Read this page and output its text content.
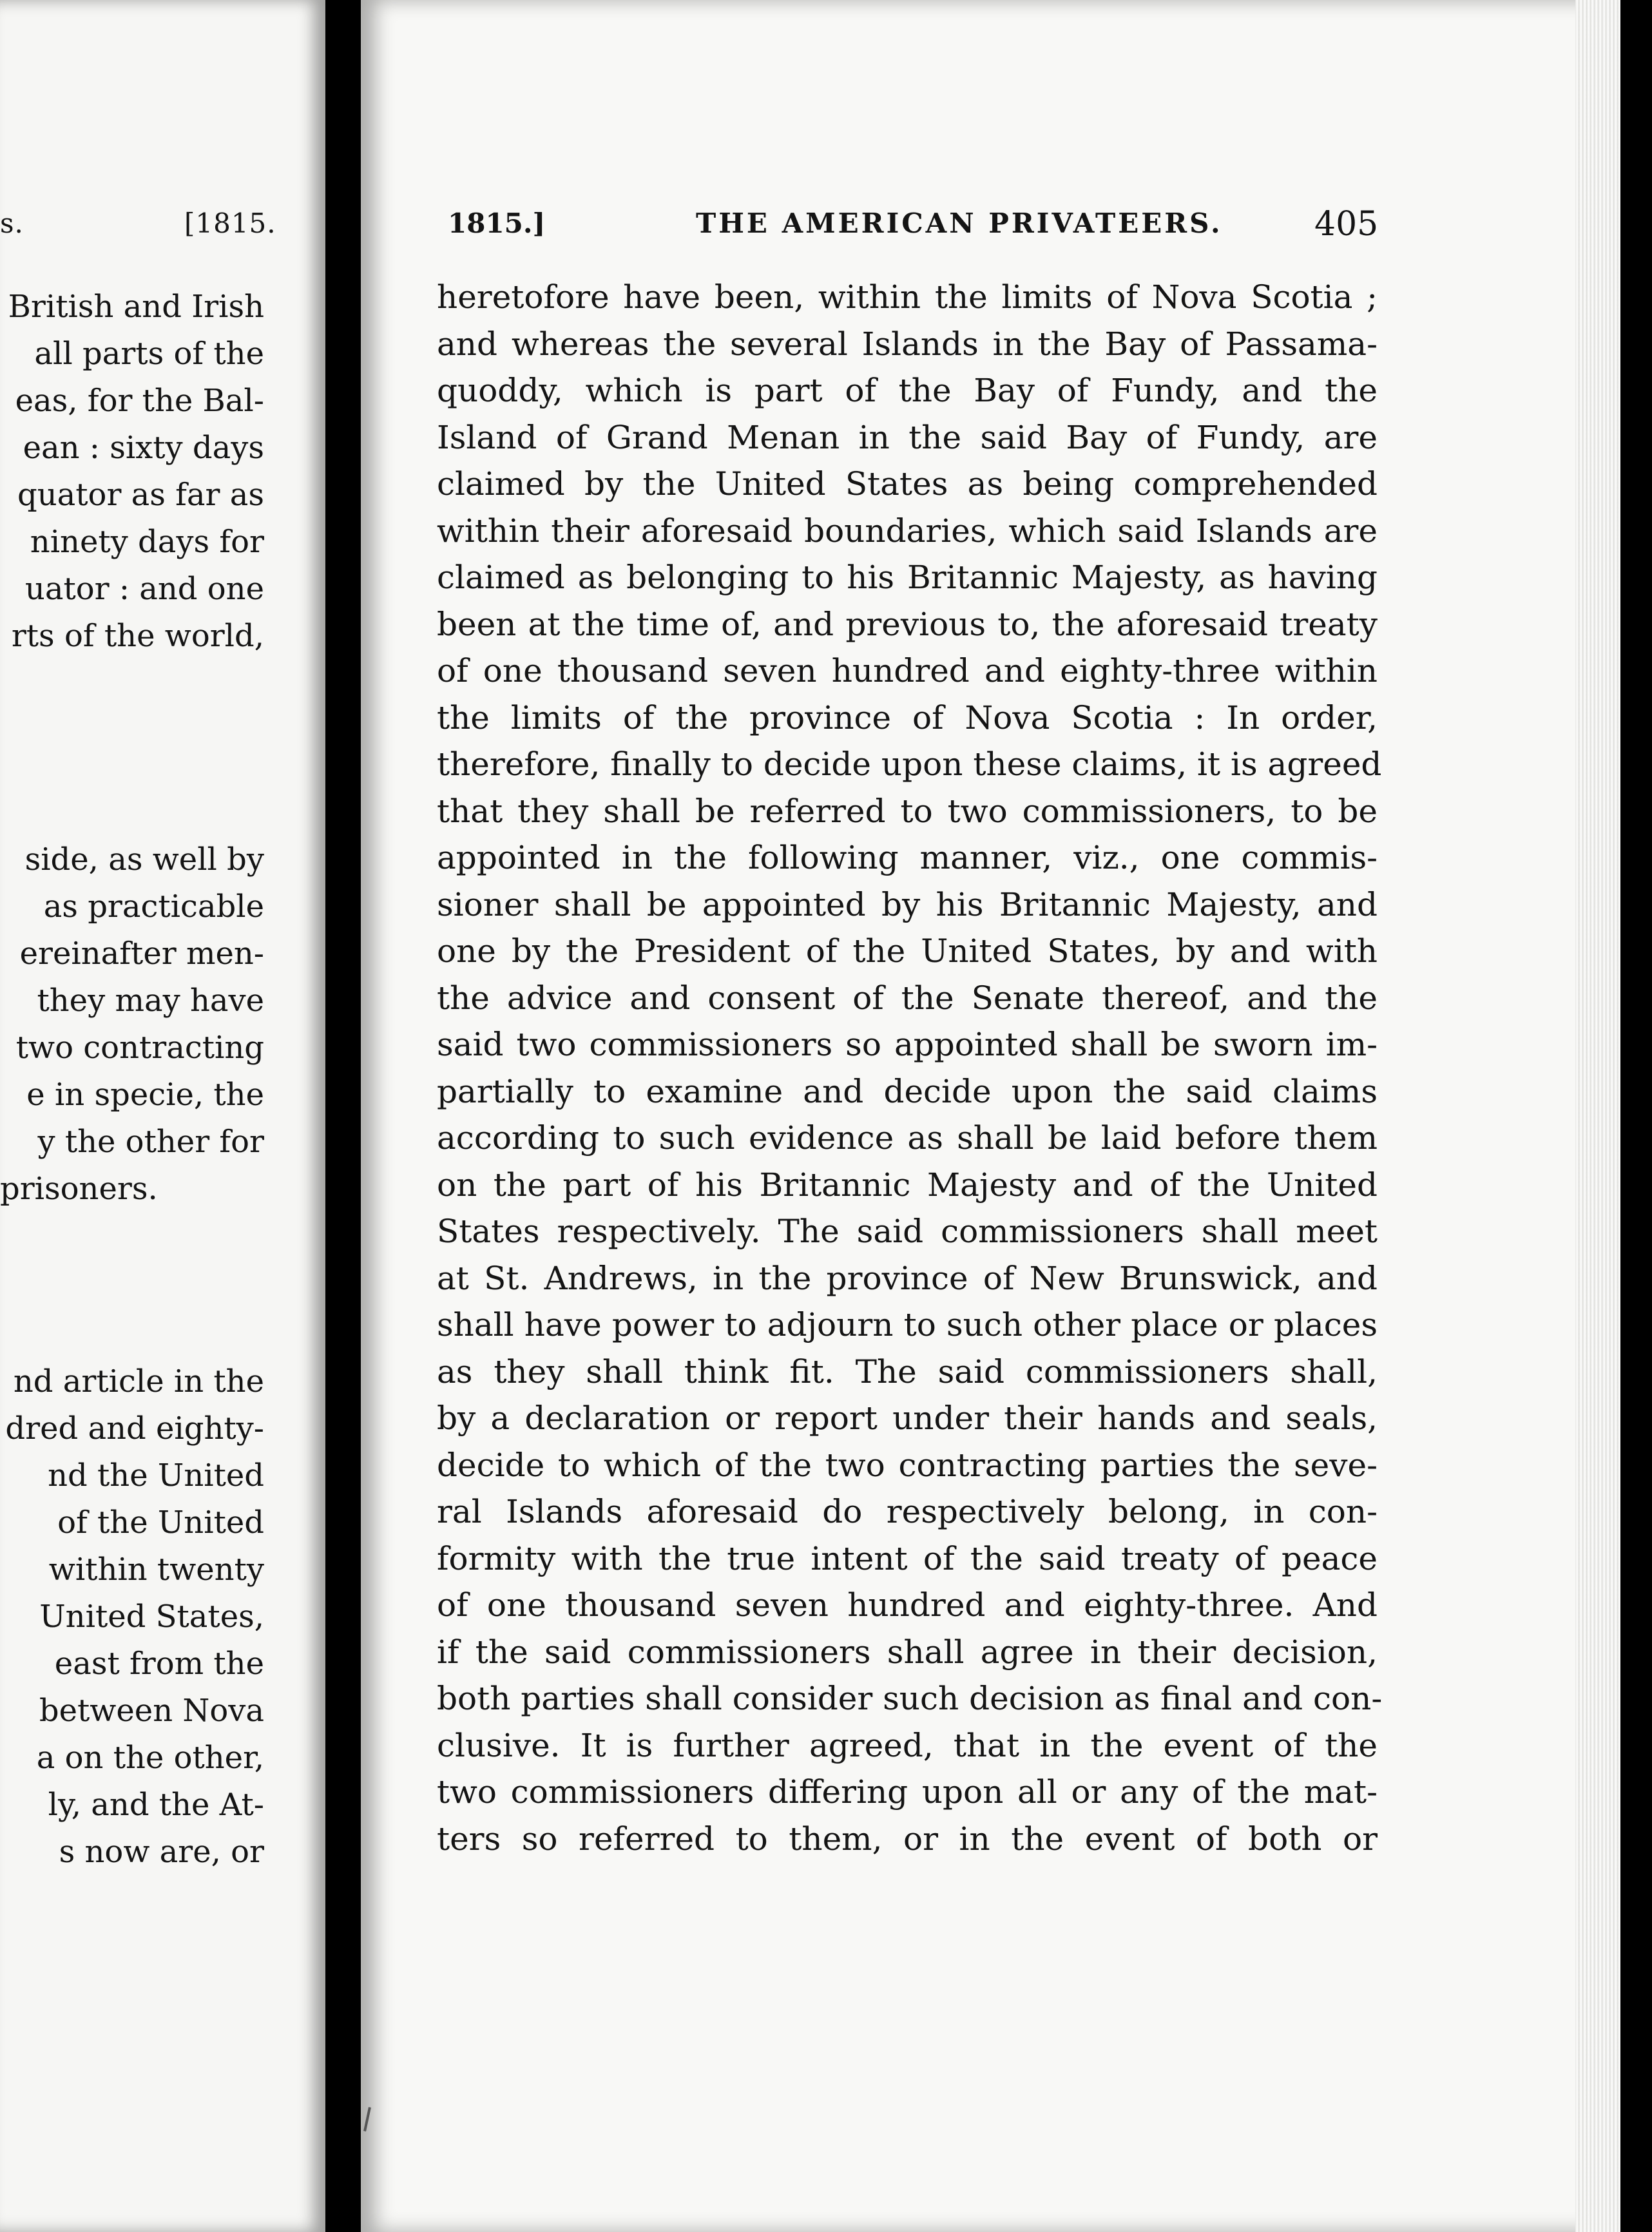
s.	[1815.
British and Irish
all parts of the
eas, for the Bal-
ean : sixty days
quator as far as
ninety days for
uator : and one
rts of the world,
side, as well by
as practicable
ereinafter men-
they may have
two contracting
e in specie, the
y the other for
prisoners.
nd article in the
dred and eighty-
nd the United
of the United
within twenty
United States,
east from the
between Nova
a on the other,
ly, and the At-
s now are, or
1815.]	THE AMERICAN PRIVATEERS.	405
heretofore have been, within the limits of Nova Scotia ;
and whereas the several Islands in the Bay of Passama-
quoddy, which is part of the Bay of Fundy, and the
Island of Grand Menan in the said Bay of Fundy, are
claimed by the United States as being comprehended
within their aforesaid boundaries, which said Islands are
claimed as belonging to his Britannic Majesty, as having
been at the time of, and previous to, the aforesaid treaty
of one thousand seven hundred and eighty-three within
the limits of the province of Nova Scotia : In order,
therefore, finally to decide upon these claims, it is agreed
that they shall be referred to two commissioners, to be
appointed in the following manner, viz., one commis-
sioner shall be appointed by his Britannic Majesty, and
one by the President of the United States, by and with
the advice and consent of the Senate thereof, and the
said two commissioners so appointed shall be sworn im-
partially to examine and decide upon the said claims
according to such evidence as shall be laid before them
on the part of his Britannic Majesty and of the United
States respectively. The said commissioners shall meet
at St. Andrews, in the province of New Brunswick, and
shall have power to adjourn to such other place or places
as they shall think fit. The said commissioners shall,
by a declaration or report under their hands and seals,
decide to which of the two contracting parties the seve-
ral Islands aforesaid do respectively belong, in con-
formity with the true intent of the said treaty of peace
of one thousand seven hundred and eighty-three. And
if the said commissioners shall agree in their decision,
both parties shall consider such decision as final and con-
clusive. It is further agreed, that in the event of the
two commissioners differing upon all or any of the mat-
ters so referred to them, or in the event of both or
